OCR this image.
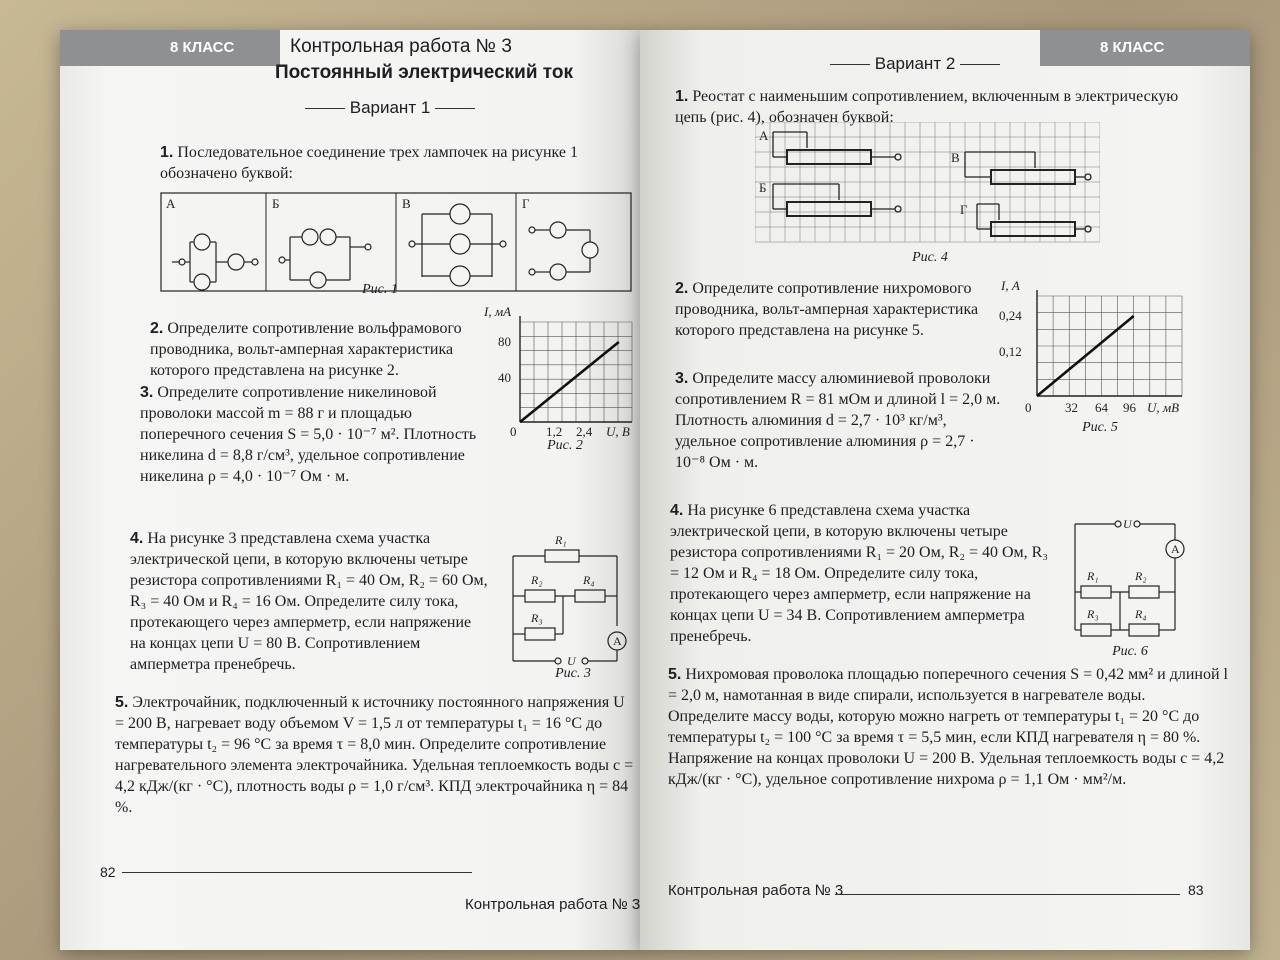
8 КЛАСС	Контрольная работа № 3
Постоянный электрический ток
Вариант 1
1. Последовательное соединение трех лампочек на рисунке 1 обозначено буквой:
А	Б	В	Г
Рис. 1
2. Определите сопротивление вольфрамового проводника, вольт-амперная характеристика которого представлена на рисунке 2.
I, мА
U, В
80
40
1,2 2,4
0
Рис. 2
3. Определите сопротивление никелиновой проволоки массой m = 88 г и площадью поперечного сечения S = 5,0 · 10⁻⁷ м². Плотность никелина d = 8,8 г/см³, удельное сопротивление никелина ρ = 4,0 · 10⁻⁷ Ом · м.
4. На рисунке 3 представлена схема участка электрической цепи, в которую включены четыре резистора сопротивлениями R₁ = 40 Ом, R₂ = 60 Ом, R₃ = 40 Ом и R₄ = 16 Ом. Определите силу тока, протекающего через амперметр, если напряжение на концах цепи U = 80 В. Сопротивлением амперметра пренебречь.
R₁
R₂	R₄
R₃
A
U
Рис. 3
5. Электрочайник, подключенный к источнику постоянного напряжения U = 200 В, нагревает воду объемом V = 1,5 л от температуры t₁ = 16 °С до температуры t₂ = 96 °С за время τ = 8,0 мин. Определите сопротивление нагревательного элемента электрочайника. Удельная теплоемкость воды c = 4,2 кДж/(кг · °С), плотность воды ρ = 1,0 г/см³. КПД электрочайника η = 84 %.
82
Контрольная работа № 3
8 КЛАСС
Вариант 2
1. Реостат с наименьшим сопротивлением, включенным в электрическую цепь (рис. 4), обозначен буквой:
А
Б
В
Г
Рис. 4
2. Определите сопротивление нихромового проводника, вольт-амперная характеристика которого представлена на рисунке 5.
I, А
U, мВ
0,24
0,12
32 64 96
0
Рис. 5
3. Определите массу алюминиевой проволоки сопротивлением R = 81 мОм и длиной l = 2,0 м. Плотность алюминия d = 2,7 · 10³ кг/м³, удельное сопротивление алюминия ρ = 2,7 · 10⁻⁸ Ом · м.
4. На рисунке 6 представлена схема участка электрической цепи, в которую включены четыре резистора сопротивлениями R₁ = 20 Ом, R₂ = 40 Ом, R₃ = 12 Ом и R₄ = 18 Ом. Определите силу тока, протекающего через амперметр, если напряжение на концах цепи U = 34 В. Сопротивлением амперметра пренебречь.
U
A
R₁	R₂
R₃	R₄
Рис. 6
5. Нихромовая проволока площадью поперечного сечения S = 0,42 мм² и длиной l = 2,0 м, намотанная в виде спирали, используется в нагревателе воды. Определите массу воды, которую можно нагреть от температуры t₁ = 20 °С до температуры t₂ = 100 °С за время τ = 5,5 мин, если КПД нагревателя η = 80 %. Напряжение на концах проволоки U = 200 В. Удельная теплоемкость воды c = 4,2 кДж/(кг · °С), удельное сопротивление нихрома ρ = 1,1 Ом · мм²/м.
Контрольная работа № 3	83
